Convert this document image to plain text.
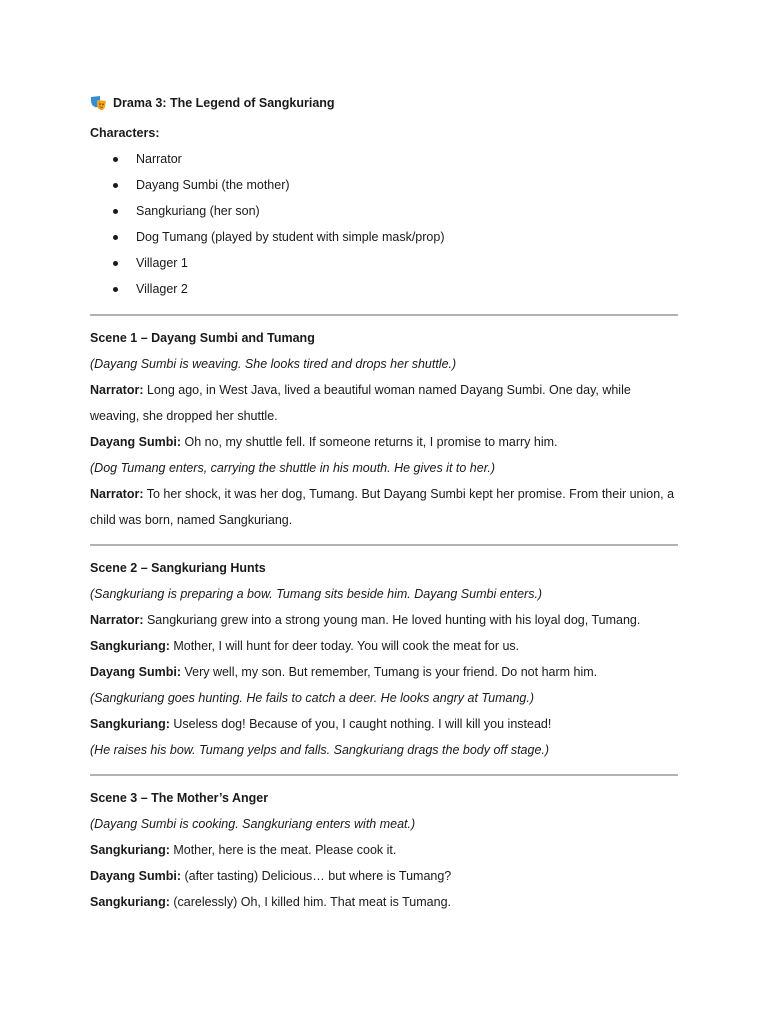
Drama 3: The Legend of Sangkuriang

Characters:

Narrator
Dayang Sumbi (the mother)
Sangkuriang (her son)
Dog Tumang (played by student with simple mask/prop)
Villager 1
Villager 2
Scene 1 – Dayang Sumbi and Tumang

(Dayang Sumbi is weaving. She looks tired and drops her shuttle.)

Narrator: Long ago, in West Java, lived a beautiful woman named Dayang Sumbi. One day, while weaving, she dropped her shuttle.

Dayang Sumbi: Oh no, my shuttle fell. If someone returns it, I promise to marry him.

(Dog Tumang enters, carrying the shuttle in his mouth. He gives it to her.)

Narrator: To her shock, it was her dog, Tumang. But Dayang Sumbi kept her promise. From their union, a child was born, named Sangkuriang.

Scene 2 – Sangkuriang Hunts

(Sangkuriang is preparing a bow. Tumang sits beside him. Dayang Sumbi enters.)

Narrator: Sangkuriang grew into a strong young man. He loved hunting with his loyal dog, Tumang.

Sangkuriang: Mother, I will hunt for deer today. You will cook the meat for us.

Dayang Sumbi: Very well, my son. But remember, Tumang is your friend. Do not harm him.

(Sangkuriang goes hunting. He fails to catch a deer. He looks angry at Tumang.)

Sangkuriang: Useless dog! Because of you, I caught nothing. I will kill you instead!

(He raises his bow. Tumang yelps and falls. Sangkuriang drags the body off stage.)

Scene 3 – The Mother’s Anger

(Dayang Sumbi is cooking. Sangkuriang enters with meat.)

Sangkuriang: Mother, here is the meat. Please cook it.

Dayang Sumbi: (after tasting) Delicious… but where is Tumang?

Sangkuriang: (carelessly) Oh, I killed him. That meat is Tumang.
